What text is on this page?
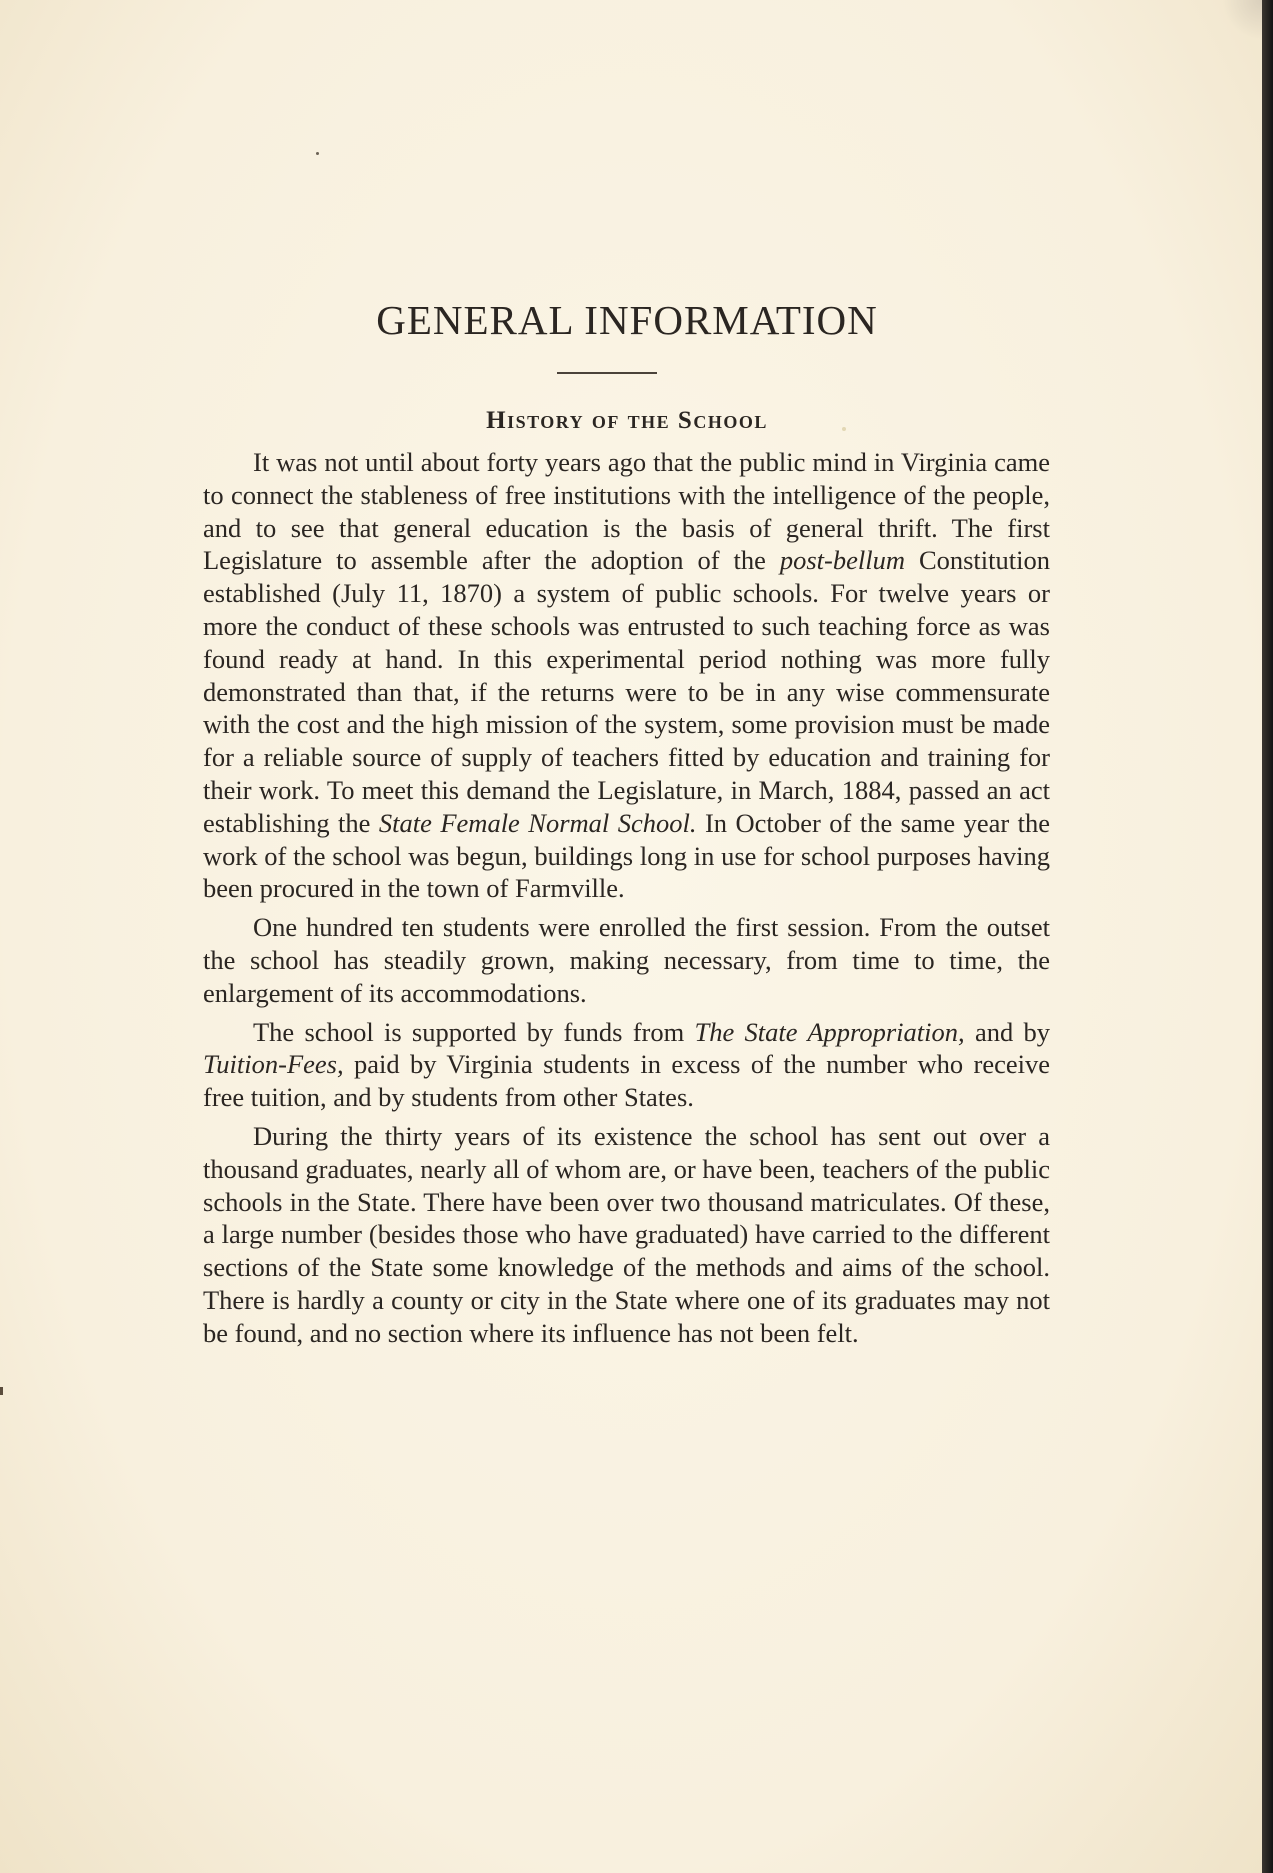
GENERAL INFORMATION
History of the School

It was not until about forty years ago that the public mind in Virginia came to connect the stableness of free institutions with the intelligence of the people, and to see that general education is the basis of general thrift. The first Legislature to assemble after the adoption of the post-bellum Constitution established (July 11, 1870) a system of public schools. For twelve years or more the conduct of these schools was entrusted to such teaching force as was found ready at hand. In this experimental period nothing was more fully demonstrated than that, if the returns were to be in any wise commensurate with the cost and the high mission of the system, some provision must be made for a reliable source of supply of teachers fitted by education and training for their work. To meet this demand the Legislature, in March, 1884, passed an act establishing the State Female Normal School. In October of the same year the work of the school was begun, buildings long in use for school purposes having been procured in the town of Farmville.

One hundred ten students were enrolled the first session. From the outset the school has steadily grown, making necessary, from time to time, the enlargement of its accommodations.

The school is supported by funds from The State Appropriation, and by Tuition-Fees, paid by Virginia students in excess of the number who receive free tuition, and by students from other States.

During the thirty years of its existence the school has sent out over a thousand graduates, nearly all of whom are, or have been, teachers of the public schools in the State. There have been over two thousand matriculates. Of these, a large number (besides those who have graduated) have carried to the different sections of the State some knowledge of the methods and aims of the school. There is hardly a county or city in the State where one of its graduates may not be found, and no section where its influence has not been felt.
